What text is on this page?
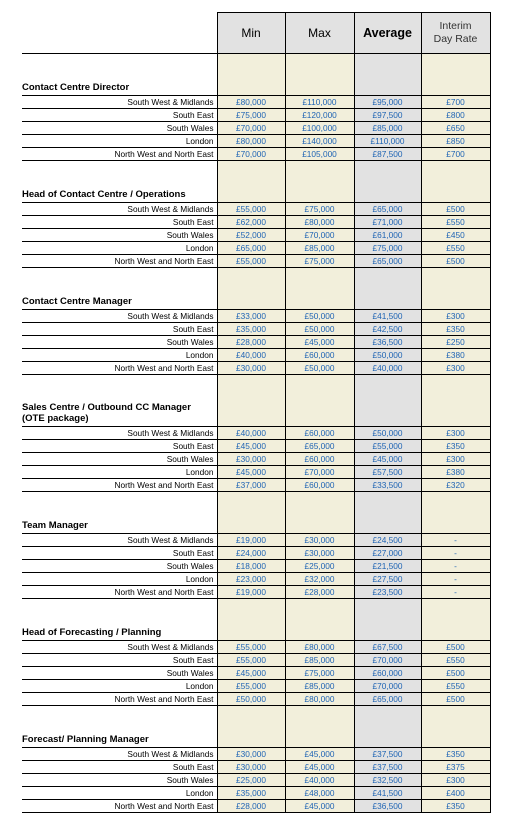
	Min	Max	Average	Interim Day Rate

Contact Centre Director				

South West & Midlands	£80,000	£110,000	£95,000	£700
South East	£75,000	£120,000	£97,500	£800
South Wales	£70,000	£100,000	£85,000	£650
London	£80,000	£140,000	£110,000	£850
North West and North East	£70,000	£105,000	£87,500	£700

Head of Contact Centre / Operations				

South West & Midlands	£55,000	£75,000	£65,000	£500
South East	£62,000	£80,000	£71,000	£550
South Wales	£52,000	£70,000	£61,000	£450
London	£65,000	£85,000	£75,000	£550
North West and North East	£55,000	£75,000	£65,000	£500

Contact Centre Manager				

South West & Midlands	£33,000	£50,000	£41,500	£300
South East	£35,000	£50,000	£42,500	£350
South Wales	£28,000	£45,000	£36,500	£250
London	£40,000	£60,000	£50,000	£380
North West and North East	£30,000	£50,000	£40,000	£300

Sales Centre / Outbound CC Manager
(OTE package)				

South West & Midlands	£40,000	£60,000	£50,000	£300
South East	£45,000	£65,000	£55,000	£350
South Wales	£30,000	£60,000	£45,000	£300
London	£45,000	£70,000	£57,500	£380
North West and North East	£37,000	£60,000	£33,500	£320

Team Manager				

South West & Midlands	£19,000	£30,000	£24,500	-
South East	£24,000	£30,000	£27,000	-
South Wales	£18,000	£25,000	£21,500	-
London	£23,000	£32,000	£27,500	-
North West and North East	£19,000	£28,000	£23,500	-

Head of Forecasting / Planning				

South West & Midlands	£55,000	£80,000	£67,500	£500
South East	£55,000	£85,000	£70,000	£550
South Wales	£45,000	£75,000	£60,000	£500
London	£55,000	£85,000	£70,000	£550
North West and North East	£50,000	£80,000	£65,000	£500

Forecast/ Planning Manager				

South West & Midlands	£30,000	£45,000	£37,500	£350
South East	£30,000	£45,000	£37,500	£375
South Wales	£25,000	£40,000	£32,500	£300
London	£35,000	£48,000	£41,500	£400
North West and North East	£28,000	£45,000	£36,500	£350
